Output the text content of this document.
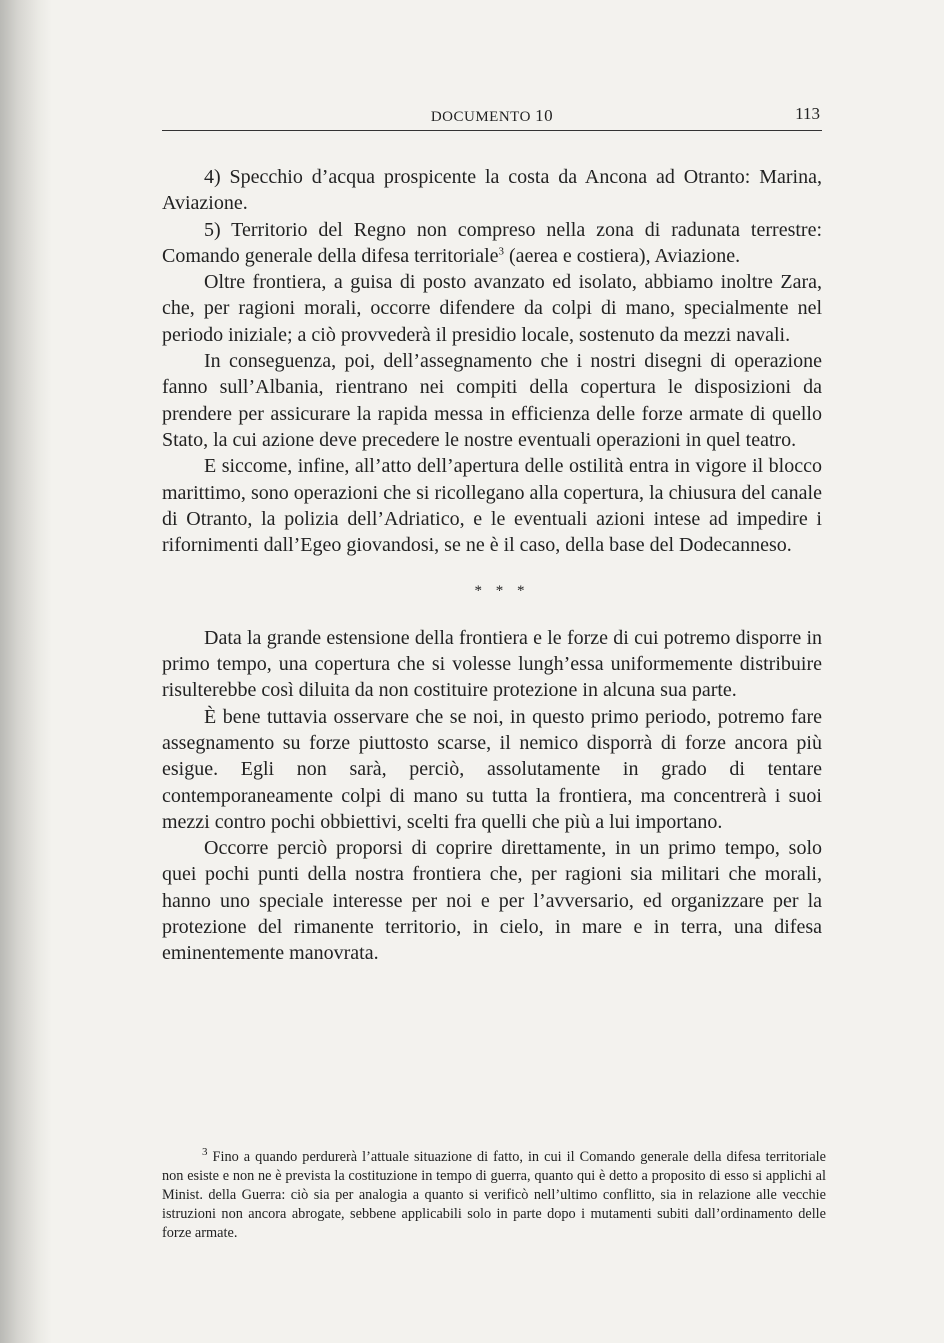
DOCUMENTO 10	113

4) Specchio d’acqua prospicente la costa da Ancona ad Otranto: Marina, Aviazione.

5) Territorio del Regno non compreso nella zona di radunata terrestre: Comando generale della difesa territoriale$^3$ (aerea e costiera), Aviazione.

Oltre frontiera, a guisa di posto avanzato ed isolato, abbiamo inoltre Zara, che, per ragioni morali, occorre difendere da colpi di mano, specialmente nel periodo iniziale; a ciò provvederà il presidio locale, sostenuto da mezzi navali.

In conseguenza, poi, dell’assegnamento che i nostri disegni di operazione fanno sull’Albania, rientrano nei compiti della copertura le disposizioni da prendere per assicurare la rapida messa in efficienza delle forze armate di quello Stato, la cui azione deve precedere le nostre eventuali operazioni in quel teatro.

E siccome, infine, all’atto dell’apertura delle ostilità entra in vigore il blocco marittimo, sono operazioni che si ricollegano alla copertura, la chiusura del canale di Otranto, la polizia dell’Adriatico, e le eventuali azioni intese ad impedire i rifornimenti dall’Egeo giovandosi, se ne è il caso, della base del Dodecanneso.

* * *

Data la grande estensione della frontiera e le forze di cui potremo disporre in primo tempo, una copertura che si volesse lungh’essa uniformemente distribuire risulterebbe così diluita da non costituire protezione in alcuna sua parte.

È bene tuttavia osservare che se noi, in questo primo periodo, potremo fare assegnamento su forze piuttosto scarse, il nemico disporrà di forze ancora più esigue. Egli non sarà, perciò, assolutamente in grado di tentare contemporaneamente colpi di mano su tutta la frontiera, ma concentrerà i suoi mezzi contro pochi obbiettivi, scelti fra quelli che più a lui importano.

Occorre perciò proporsi di coprire direttamente, in un primo tempo, solo quei pochi punti della nostra frontiera che, per ragioni sia militari che morali, hanno uno speciale interesse per noi e per l’avversario, ed organizzare per la protezione del rimanente territorio, in cielo, in mare e in terra, una difesa eminentemente manovrata.

$^3$ Fino a quando perdurerà l’attuale situazione di fatto, in cui il Comando generale della difesa territoriale non esiste e non ne è prevista la costituzione in tempo di guerra, quanto qui è detto a proposito di esso si applichi al Minist. della Guerra: ciò sia per analogia a quanto si verificò nell’ultimo conflitto, sia in relazione alle vecchie istruzioni non ancora abrogate, sebbene applicabili solo in parte dopo i mutamenti subiti dall’ordinamento delle forze armate.
